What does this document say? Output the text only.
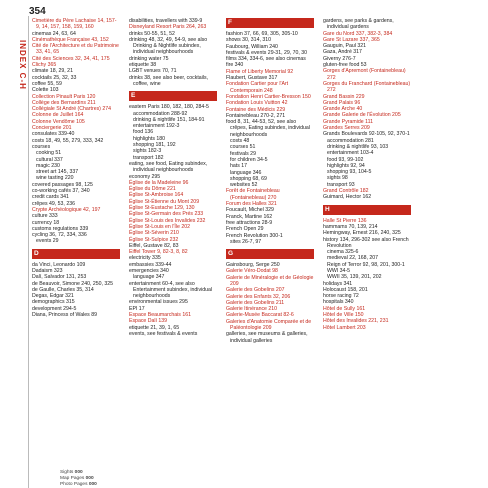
354
INDEX C-H
Cimetière du Père Lachaise 14, 157-9, 14, 157, 158, 159, 160
cinemas 24, 63, 64
Cinémathèque Française 43, 152
Cité de l'Architecture et du Patrimoine 33, 41, 65
Cité des Sciences 32, 34, 41, 175
Clichy 365
climate 18, 29, 21
cocktails 25, 32, 33
coffee 55, 59
Colette 103
Collection Pinault Paris 120
Collège des Bernardins 211
Collégiale St André (Chartres) 274
Colonne de Juillet 164
Colonne Vendôme 105
Conciergerie 201
consulates 339-40
costs 18, 49, 55, 279, 333, 342
courses
cooking 51
cultural 337
magic 230
street art 145, 337
wine tasting 220
covered passages 98, 125
co-working cafés 37, 340
credit cards 341
crêpes 49, 53, 236
Crypte Archéologique 42, 197
culture 333
currency 18
customs regulations 339
cycling 36, 72, 334, 336
events 29
D
da Vinci, Leonardo 109
Dadaism 323
Dalí, Salvador 131, 253
de Beauvoir, Simone 240, 250, 325
de Gaulle, Charles 35, 314
Degas, Edgar 321
demographics 315
development 294-5
Diana, Princess of Wales 89
disabilities, travellers with 339-9
Disneyland Resort Paris 264, 263
drinks 50-55, 51, 52
drinking 48, 32, 49, 54-9, see also Drinking & Nightlife subindex, individual neighbourhoods
drinking water 75
etiquette 38
LGBT venues 70, 71
drinks 38, see also beer, cocktails, coffee, wine
E
eastern Paris 180, 182, 180, 284-5
accommodation 288-92
drinking & nightlife 151, 184-91
entertainment 192-3
food 136
highlights 180
shopping 181, 192
sights 182-3
transport 182
eating, see food, Eating subindex, individual neighbourhoods
economy 295
Église de la Madeleine 96
Église du Dôme 221
Église St-Ambroise 164
Église St-Étienne du Mont 209
Église St-Eustache 129, 130
Église St-Germain des Prés 233
Église St-Louis des Invalides 232
Église St-Louis en l'Île 202
Église St-Séverin 210
Église St-Sulpice 232
Eiffel, Gustave 82, 83
Eiffel Tower 9, 82-3, 8, 82
electricity 335
embassies 339-44
emergencies 340
language 347
entertainment 60-4, see also Entertainment subindex, individual neighbourhoods
environmental issues 295
EPI 17
Espace Beaumarchais 161
Espace Dalí 139
etiquette 21, 39, 1, 65
events, see festivals & events
F
fashion 37, 66, 69, 305, 305-10
shows 30, 314, 310
Faubourg, William 240
festivals & events 29-31, 29, 70, 30
films 334, 334-6, see also cinemas
fire 340
Flame of Liberty Memorial 92
Flaubert, Gustave 317
Fondation Cartier pour l'Art Contemporain 248
Fondation Henri Cartier-Bresson 150
Fondation Louis Vuitton 42
Fontaine des Médicis 229
Fontainebleau 270-2, 271
food 8, 31, 44-53, 52, see also crêpes, Eating subindex, individual neighbourhoods
costs 48
courses 51
festivals 29
for children 34-5
hats 17
language 346
shopping 68, 69
websites 52
Forêt de Fontainebleau (Fontainebleau) 270
Forum des Halles 321
Foucault, Michel 329
Franck, Martine 162
free attractions 28-9
French Open 29
French Revolution 300-1
sites 26-7, 97
G
Gainsbourg, Serge 250
Galerie Véro-Dodat 98
Galerie de Minéralogie et de Géologie 209
Galerie des Gobelins 207
Galerie des Enfants 32, 206
Galerie des Gobelins 211
Galerie Itinérance 210
Galerie-Musée Baccarat 82-6
Galeries d'Anatomie Comparée et de Paléontologie 209
galleries, see museums & galleries, individual galleries
gardens, see parks & gardens, individual gardens
Gare du Nord 337, 382-3, 384
Gare St Lazare 337, 365
Gauguin, Paul 321
Gaza, André 317
Giverny 276-7
gluten-free food 53
Gorges d'Apremont (Fontainebleau) 272
Gorges du Franchard (Fontainebleau) 272
Grand Bassin 229
Grand Palais 96
Grande Arche 40
Grande Galerie de l'Évolution 205
Grande Pyramide 111
Grandes Serres 209
Grands Boulevards 92-105, 92, 370-1
accommodation 281
drinking & nightlife 93, 103
entertainment 103-4
food 93, 99-102
highlights 92, 94
shopping 93, 104-5
sights 98
transport 93
Grand Contrôle 182
Guimard, Hector 162
H
Halle St Pierre 136
hammams 70, 139, 214
Hemingway, Ernest 216, 240, 325
history 134, 296-302 see also French Revolution
cinema 325-6
medieval 22, 168, 207
Reign of Terror 92, 98, 201, 300-1
WWI 34-5
WWII 35, 139, 201, 202
holidays 341
Holocaust 158, 201
horse racing 72
hospitals 340
Hôtel de Sully 161
Hôtel de Ville 150
Hôtel des Invalides 221, 231
Hôtel Lambert 203
Sights 000
Map Pages 000
Photo Pages 000
